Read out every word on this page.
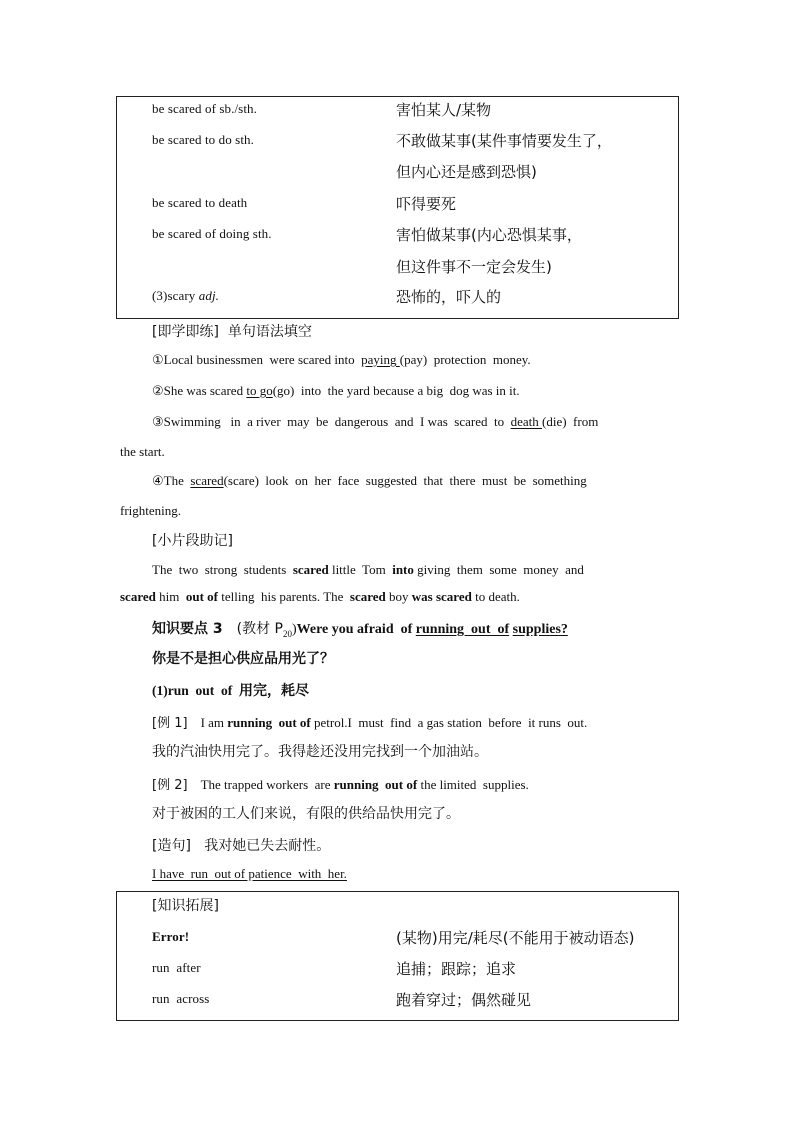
be scared of sb./sth.	害怕某人/某物
be scared to do sth.	不敢做某事(某件事情要发生了，
但内心还是感到恐惧)
be scared to death	吓得要死
be scared of doing sth.	害怕做某事(内心恐惧某事，
但这件事不一定会发生)
(3)scary adj.	恐怖的，吓人的
[即学即练] 单句语法填空
①Local businessmen  were scared into  paying (pay)  protection  money.
②She was scared to go(go)  into  the yard because a big  dog was in it.
③Swimming   in  a river  may  be  dangerous  and  I was  scared  to  death (die)  from
the start.
④The  scared(scare)  look  on  her  face  suggested  that  there  must  be  something
frightening.
[小片段助记]
The  two  strong  students  scared little  Tom  into giving  them  some  money  and
scared him  out of telling  his parents. The  scared boy was scared to death.
知识要点 3 (教材 $P_{20})Were$ you afraid  of running  out  of supplies?
你是不是担心供应品用光了？
(1)run  out  of  用完，耗尽
[例 1] I am running  out of petrol.I  must  find  a gas station  before  it runs  out.
我的汽油快用完了。我得趁还没用完找到一个加油站。
[例 2] The trapped workers  are running  out of the limited  supplies.
对于被困的工人们来说，有限的供给品快用完了。
[造句] 我对她已失去耐性。
I have  run  out of patience  with  her.
[知识拓展]
Error!	(某物)用完/耗尽(不能用于被动语态)
run  after	追捕；跟踪；追求
run  across	跑着穿过；偶然碰见
